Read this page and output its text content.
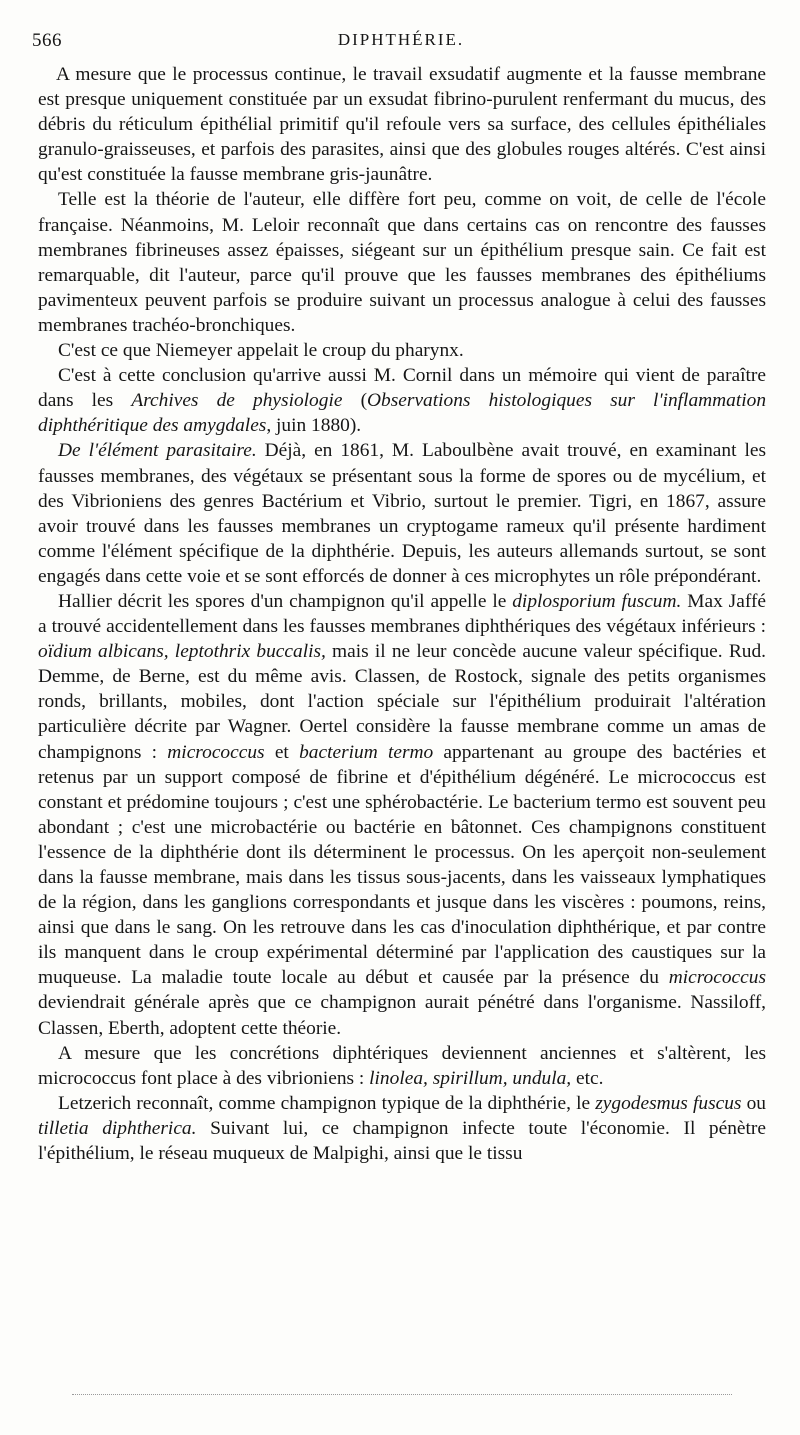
566	DIPHTHÉRIE.

A mesure que le processus continue, le travail exsudatif augmente et la fausse membrane est presque uniquement constituée par un exsudat fibrino-purulent renfermant du mucus, des débris du réticulum épithélial primitif qu'il refoule vers sa surface, des cellules épithéliales granulo-graisseuses, et parfois des parasites, ainsi que des globules rouges altérés. C'est ainsi qu'est constituée la fausse membrane gris-jaunâtre.

Telle est la théorie de l'auteur, elle diffère fort peu, comme on voit, de celle de l'école française. Néanmoins, M. Leloir reconnaît que dans certains cas on rencontre des fausses membranes fibrineuses assez épaisses, siégeant sur un épithélium presque sain. Ce fait est remarquable, dit l'auteur, parce qu'il prouve que les fausses membranes des épithéliums pavimenteux peuvent parfois se produire suivant un processus analogue à celui des fausses membranes trachéo-bronchiques.

C'est ce que Niemeyer appelait le croup du pharynx.

C'est à cette conclusion qu'arrive aussi M. Cornil dans un mémoire qui vient de paraître dans les Archives de physiologie (Observations histologiques sur l'inflammation diphthéritique des amygdales, juin 1880).

De l'élément parasitaire. Déjà, en 1861, M. Laboulbène avait trouvé, en examinant les fausses membranes, des végétaux se présentant sous la forme de spores ou de mycélium, et des Vibrioniens des genres Bactérium et Vibrio, surtout le premier. Tigri, en 1867, assure avoir trouvé dans les fausses membranes un cryptogame rameux qu'il présente hardiment comme l'élément spécifique de la diphthérie. Depuis, les auteurs allemands surtout, se sont engagés dans cette voie et se sont efforcés de donner à ces microphytes un rôle prépondérant.

Hallier décrit les spores d'un champignon qu'il appelle le diplosporium fuscum. Max Jaffé a trouvé accidentellement dans les fausses membranes diphthériques des végétaux inférieurs : oïdium albicans, leptothrix buccalis, mais il ne leur concède aucune valeur spécifique. Rud. Demme, de Berne, est du même avis. Classen, de Rostock, signale des petits organismes ronds, brillants, mobiles, dont l'action spéciale sur l'épithélium produirait l'altération particulière décrite par Wagner. Oertel considère la fausse membrane comme un amas de champignons : micrococcus et bacterium termo appartenant au groupe des bactéries et retenus par un support composé de fibrine et d'épithélium dégénéré. Le micrococcus est constant et prédomine toujours ; c'est une sphérobactérie. Le bacterium termo est souvent peu abondant ; c'est une microbactérie ou bactérie en bâtonnet. Ces champignons constituent l'essence de la diphthérie dont ils déterminent le processus. On les aperçoit non-seulement dans la fausse membrane, mais dans les tissus sous-jacents, dans les vaisseaux lymphatiques de la région, dans les ganglions correspondants et jusque dans les viscères : poumons, reins, ainsi que dans le sang. On les retrouve dans les cas d'inoculation diphthérique, et par contre ils manquent dans le croup expérimental déterminé par l'application des caustiques sur la muqueuse. La maladie toute locale au début et causée par la présence du micrococcus deviendrait générale après que ce champignon aurait pénétré dans l'organisme. Nassiloff, Classen, Eberth, adoptent cette théorie.

A mesure que les concrétions diphtériques deviennent anciennes et s'altèrent, les micrococcus font place à des vibrioniens : linolea, spirillum, undula, etc.

Letzerich reconnaît, comme champignon typique de la diphthérie, le zygodesmus fuscus ou tilletia diphtherica. Suivant lui, ce champignon infecte toute l'économie. Il pénètre l'épithélium, le réseau muqueux de Malpighi, ainsi que le tissu
